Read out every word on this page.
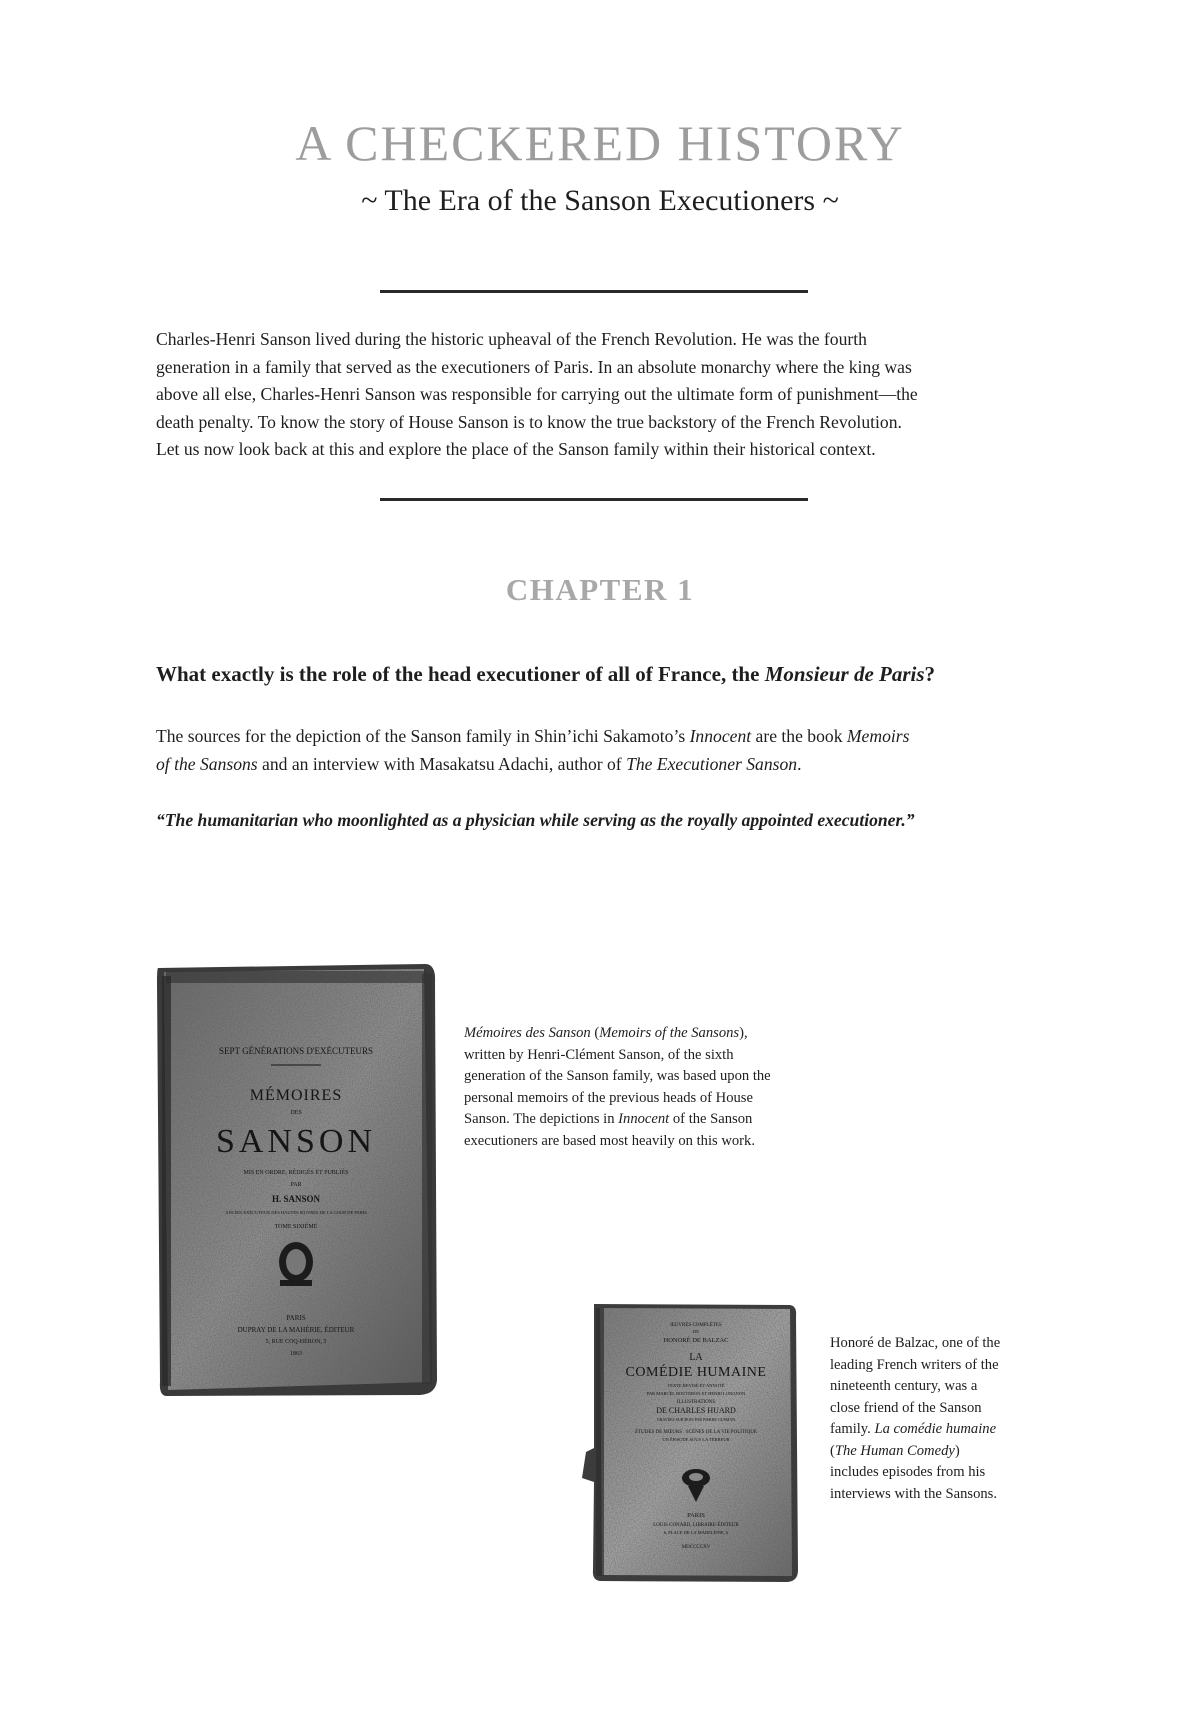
A CHECKERED HISTORY
~ The Era of the Sanson Executioners ~
Charles-Henri Sanson lived during the historic upheaval of the French Revolution. He was the fourth
generation in a family that served as the executioners of Paris. In an absolute monarchy where the king was
above all else, Charles-Henri Sanson was responsible for carrying out the ultimate form of punishment—the
death penalty. To know the story of House Sanson is to know the true backstory of the French Revolution.
Let us now look back at this and explore the place of the Sanson family within their historical context.
CHAPTER 1
What exactly is the role of the head executioner of all of France, the Monsieur de Paris?
The sources for the depiction of the Sanson family in Shin’ichi Sakamoto’s Innocent are the book Memoirs
of the Sansons and an interview with Masakatsu Adachi, author of The Executioner Sanson.
“The humanitarian who moonlighted as a physician while serving as the royally appointed executioner.”
SEPT GÉNÉRATIONS D'EXÉCUTEURS
MÉMOIRES
DES
SANSON
MIS EN ORDRE, RÉDIGÉS ET PUBLIÉS
PAR
H. SANSON
ANCIEN EXÉCUTEUR DES HAUTES ŒUVRES DE LA COUR DE PARIS
TOME SIXIÈME
PARIS
DUPRAY DE LA MAHÉRIE, ÉDITEUR
5, RUE COQ-HÉRON, 5
1863
Mémoires des Sanson (Memoirs of the Sansons),
written by Henri-Clément Sanson, of the sixth
generation of the Sanson family, was based upon the
personal memoirs of the previous heads of House
Sanson. The depictions in Innocent of the Sanson
executioners are based most heavily on this work.
ŒUVRES COMPLÈTES
DE
HONORÉ DE BALZAC
LA
COMÉDIE HUMAINE
TEXTE REVISÉ ET ANNOTÉ
PAR MARCEL BOUTERON ET HENRI LONGNON
ILLUSTRATIONS
DE CHARLES HUARD
GRAVÉES SUR BOIS PAR PIERRE GUSMAN
ÉTUDES DE MŒURS : SCÈNES DE LA VIE POLITIQUE
UN ÉPISODE SOUS LA TERREUR
PARIS
LOUIS CONARD, LIBRAIRE-ÉDITEUR
6, PLACE DE LA MADELEINE, 6
MDCCCCXV
Honoré de Balzac, one of the
leading French writers of the
nineteenth century, was a
close friend of the Sanson
family. La comédie humaine
(The Human Comedy)
includes episodes from his
interviews with the Sansons.
